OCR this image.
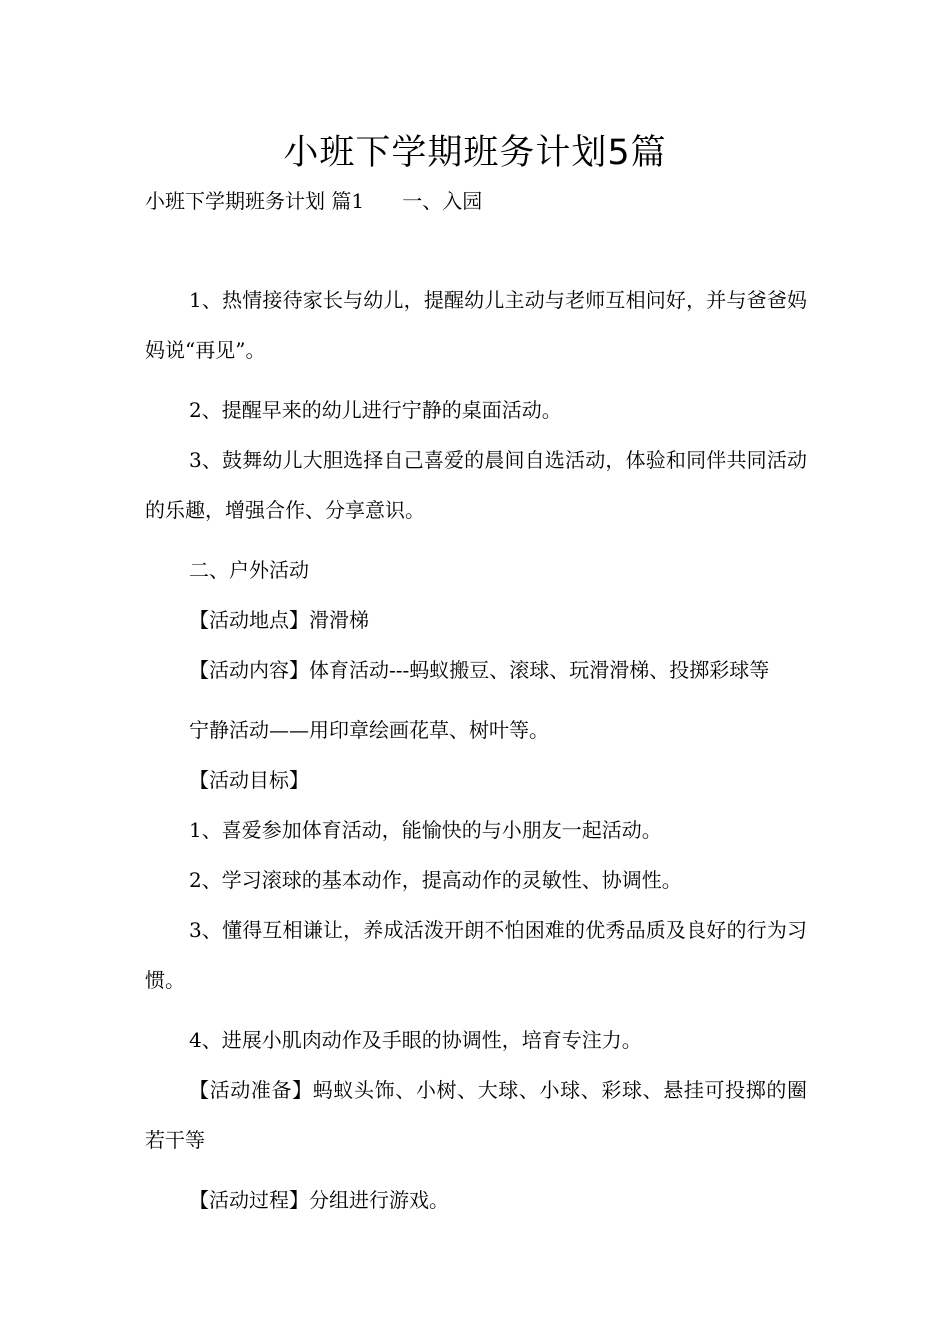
小班下学期班务计划5篇
小班下学期班务计划 篇1      一、入园

1、热情接待家长与幼儿，提醒幼儿主动与老师互相问好，并与爸爸妈妈说“再见”。

2、提醒早来的幼儿进行宁静的桌面活动。

3、鼓舞幼儿大胆选择自己喜爱的晨间自选活动，体验和同伴共同活动的乐趣，增强合作、分享意识。

二、户外活动

【活动地点】滑滑梯

【活动内容】体育活动---蚂蚁搬豆、滚球、玩滑滑梯、投掷彩球等

宁静活动——用印章绘画花草、树叶等。

【活动目标】

1、喜爱参加体育活动，能愉快的与小朋友一起活动。

2、学习滚球的基本动作，提高动作的灵敏性、协调性。

3、懂得互相谦让，养成活泼开朗不怕困难的优秀品质及良好的行为习惯。

4、进展小肌肉动作及手眼的协调性，培育专注力。

【活动准备】蚂蚁头饰、小树、大球、小球、彩球、悬挂可投掷的圈若干等

【活动过程】分组进行游戏。
